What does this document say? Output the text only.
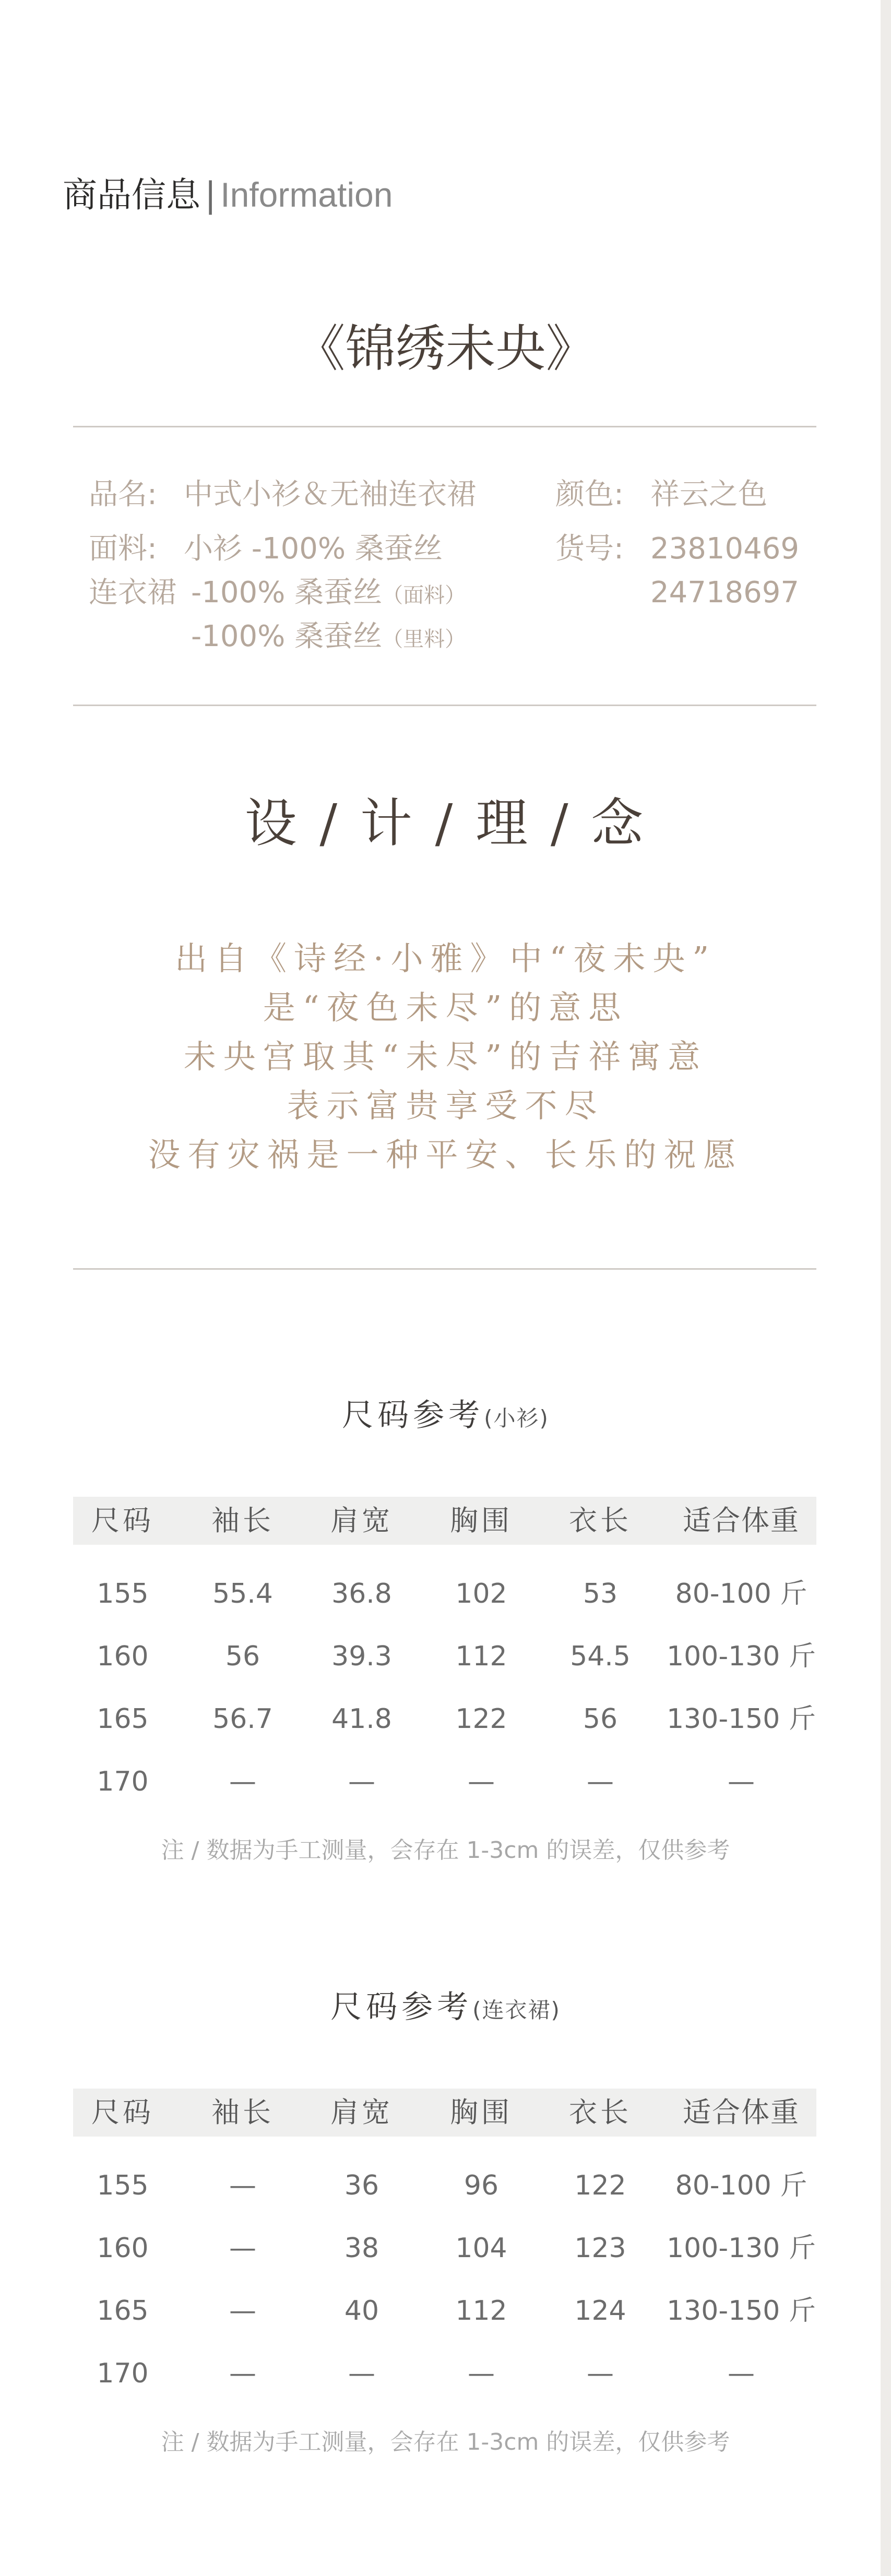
商品信息 | Information
《锦绣未央》
品名: 中式小衫＆无袖连衣裙	颜色: 祥云之色
面料: 小衫 -100% 桑蚕丝	货号: 23810469
连衣裙 -100% 桑蚕丝（面料）	24718697
-100% 桑蚕丝（里料）
设 / 计 / 理 / 念
出自《诗经·小雅》中“夜未央”
是“夜色未尽”的意思
未央宫取其“未尽”的吉祥寓意
表示富贵享受不尽
没有灾祸是一种平安、长乐的祝愿
尺码参考(小衫)
尺码	袖长	肩宽	胸围	衣长	适合体重
155	55.4	36.8	102	53	80-100 斤
160	56	39.3	112	54.5	100-130 斤
165	56.7	41.8	122	56	130-150 斤
170	—	—	—	—	—
注 / 数据为手工测量，会存在 1-3cm 的误差，仅供参考
尺码参考(连衣裙)
尺码	袖长	肩宽	胸围	衣长	适合体重
155	—	36	96	122	80-100 斤
160	—	38	104	123	100-130 斤
165	—	40	112	124	130-150 斤
170	—	—	—	—	—
注 / 数据为手工测量，会存在 1-3cm 的误差，仅供参考
